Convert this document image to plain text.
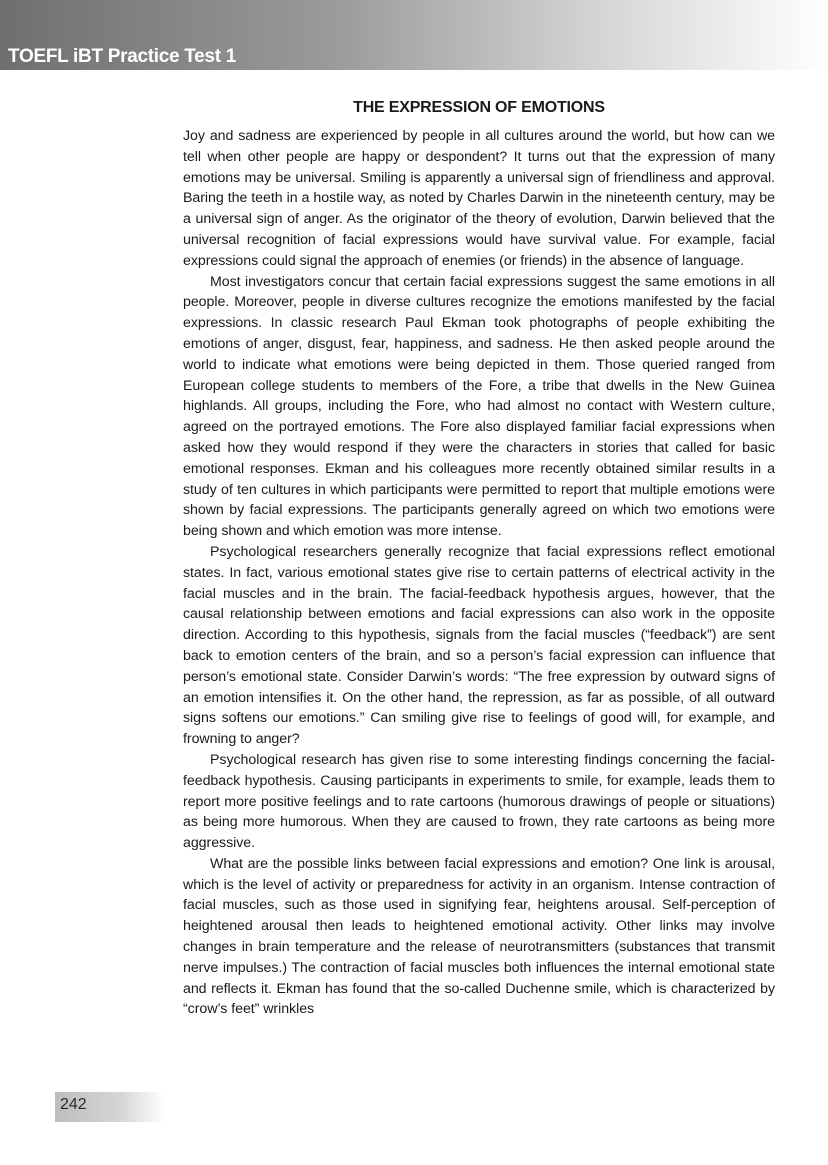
TOEFL iBT Practice Test 1
THE EXPRESSION OF EMOTIONS

Joy and sadness are experienced by people in all cultures around the world, but how can we tell when other people are happy or despondent? It turns out that the expression of many emotions may be universal. Smiling is apparently a universal sign of friendliness and approval. Baring the teeth in a hostile way, as noted by Charles Darwin in the nineteenth century, may be a universal sign of anger. As the originator of the theory of evolution, Darwin believed that the universal recognition of facial expressions would have survival value. For example, facial expressions could signal the approach of enemies (or friends) in the absence of language.

Most investigators concur that certain facial expressions suggest the same emotions in all people. Moreover, people in diverse cultures recognize the emotions manifested by the facial expressions. In classic research Paul Ekman took photographs of people exhibiting the emotions of anger, disgust, fear, happiness, and sadness. He then asked people around the world to indicate what emotions were being depicted in them. Those queried ranged from European college students to members of the Fore, a tribe that dwells in the New Guinea highlands. All groups, including the Fore, who had almost no contact with Western culture, agreed on the portrayed emotions. The Fore also displayed familiar facial expressions when asked how they would respond if they were the characters in stories that called for basic emotional responses. Ekman and his colleagues more recently obtained similar results in a study of ten cultures in which participants were permitted to report that multiple emotions were shown by facial expressions. The participants generally agreed on which two emotions were being shown and which emotion was more intense.

Psychological researchers generally recognize that facial expressions reflect emotional states. In fact, various emotional states give rise to certain patterns of electrical activity in the facial muscles and in the brain. The facial-feedback hypothesis argues, however, that the causal relationship between emotions and facial expressions can also work in the opposite direction. According to this hypothesis, signals from the facial muscles (“feedback”) are sent back to emotion centers of the brain, and so a person’s facial expression can influence that person’s emotional state. Consider Darwin’s words: “The free expression by outward signs of an emotion intensifies it. On the other hand, the repression, as far as possible, of all outward signs softens our emotions.” Can smiling give rise to feelings of good will, for example, and frowning to anger?

Psychological research has given rise to some interesting findings concerning the facial-feedback hypothesis. Causing participants in experiments to smile, for example, leads them to report more positive feelings and to rate cartoons (humorous drawings of people or situations) as being more humorous. When they are caused to frown, they rate cartoons as being more aggressive.

What are the possible links between facial expressions and emotion? One link is arousal, which is the level of activity or preparedness for activity in an organism. Intense contraction of facial muscles, such as those used in signifying fear, heightens arousal. Self-perception of heightened arousal then leads to heightened emotional activity. Other links may involve changes in brain temperature and the release of neurotransmitters (substances that transmit nerve impulses.) The contraction of facial muscles both influences the internal emotional state and reflects it. Ekman has found that the so-called Duchenne smile, which is characterized by “crow’s feet” wrinkles

242
